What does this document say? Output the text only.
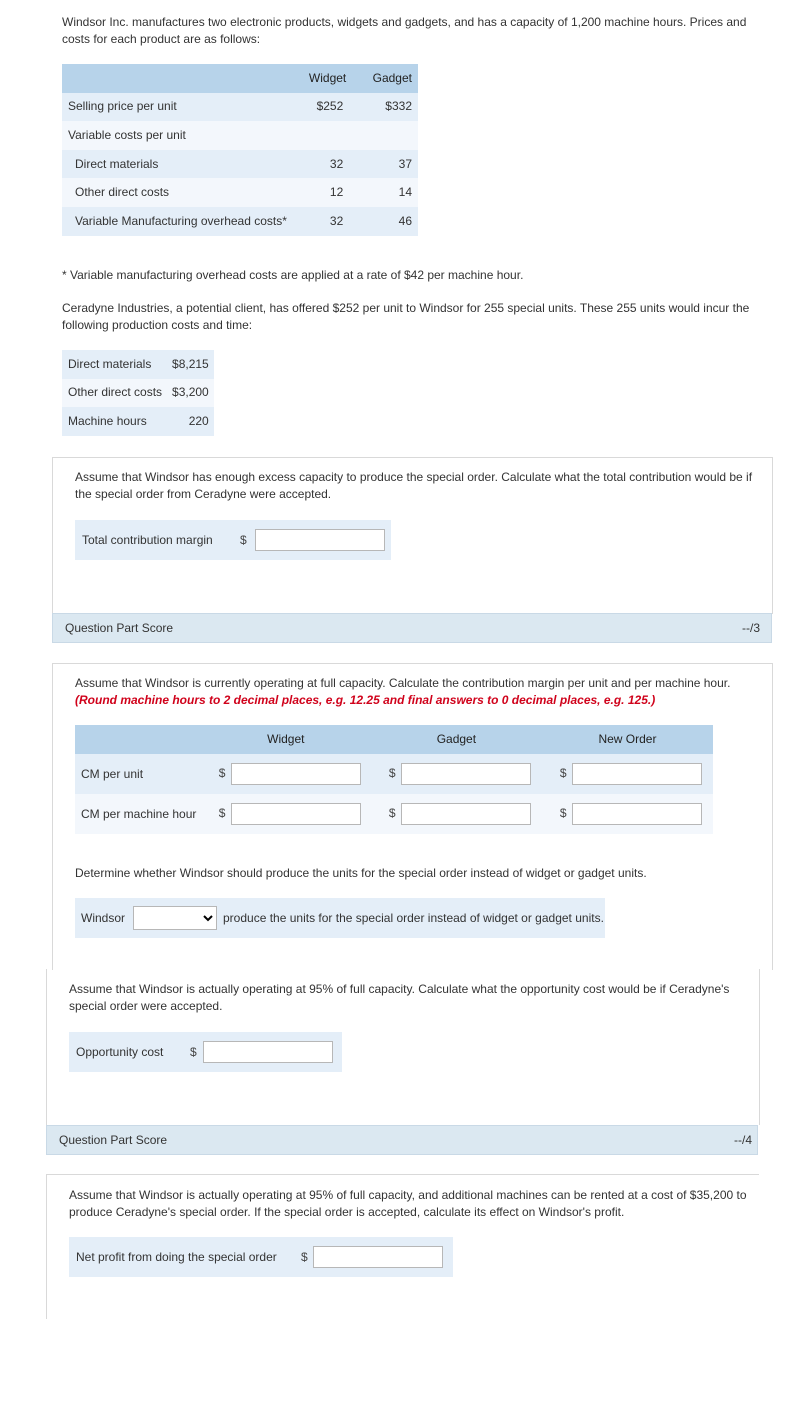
Windsor Inc. manufactures two electronic products, widgets and gadgets, and has a capacity of 1,200 machine hours. Prices and costs for each product are as follows:
	Widget	Gadget
Selling price per unit	$252	$332
Variable costs per unit		
Direct materials	32	37
Other direct costs	12	14
Variable Manufacturing overhead costs*	32	46
* Variable manufacturing overhead costs are applied at a rate of $42 per machine hour.
Ceradyne Industries, a potential client, has offered $252 per unit to Windsor for 255 special units. These 255 units would incur the following production costs and time:
Direct materials	$8,215
Other direct costs	$3,200
Machine hours	220
Assume that Windsor has enough excess capacity to produce the special order. Calculate what the total contribution would be if the special order from Ceradyne were accepted.
Total contribution margin	$
Question Part Score	--/3
Assume that Windsor is currently operating at full capacity. Calculate the contribution margin per unit and per machine hour.
(Round machine hours to 2 decimal places, e.g. 12.25 and final answers to 0 decimal places, e.g. 125.)
	Widget	Gadget	New Order
CM per unit	$	$	$
CM per machine hour	$	$	$
Determine whether Windsor should produce the units for the special order instead of widget or gadget units.
Windsor	produce the units for the special order instead of widget or gadget units.
Assume that Windsor is actually operating at 95% of full capacity. Calculate what the opportunity cost would be if Ceradyne's special order were accepted.
Opportunity cost	$
Question Part Score	--/4
Assume that Windsor is actually operating at 95% of full capacity, and additional machines can be rented at a cost of $35,200 to produce Ceradyne's special order. If the special order is accepted, calculate its effect on Windsor's profit.
Net profit from doing the special order	$
